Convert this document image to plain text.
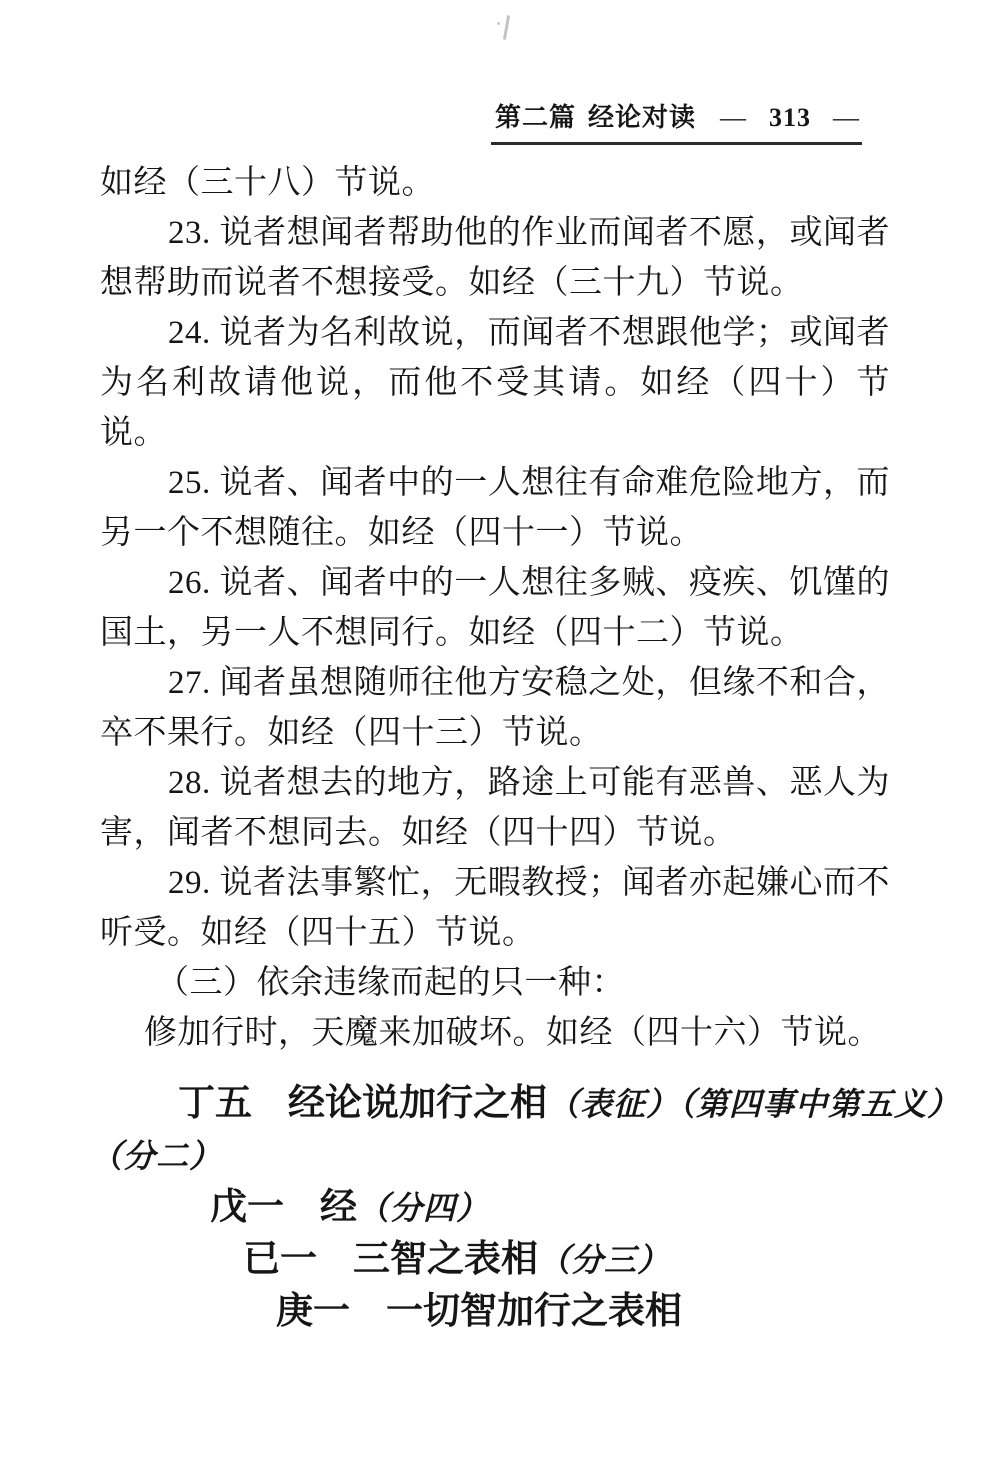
第二篇 经论对读 — 313 —

如经（三十八）节说。

23. 说者想闻者帮助他的作业而闻者不愿，或闻者想帮助而说者不想接受。如经（三十九）节说。

24. 说者为名利故说，而闻者不想跟他学；或闻者为名利故请他说，而他不受其请。如经（四十）节说。

25. 说者、闻者中的一人想往有命难危险地方，而另一个不想随往。如经（四十一）节说。

26. 说者、闻者中的一人想往多贼、疫疾、饥馑的国土，另一人不想同行。如经（四十二）节说。

27. 闻者虽想随师往他方安稳之处，但缘不和合，卒不果行。如经（四十三）节说。

28. 说者想去的地方，路途上可能有恶兽、恶人为害，闻者不想同去。如经（四十四）节说。

29. 说者法事繁忙，无暇教授；闻者亦起嫌心而不听受。如经（四十五）节说。

（三）依余违缘而起的只一种：

修加行时，天魔来加破坏。如经（四十六）节说。

丁五 经论说加行之相（表征）（第四事中第五义）

（分二）

戊一 经（分四）

已一 三智之表相（分三）

庚一 一切智加行之表相
